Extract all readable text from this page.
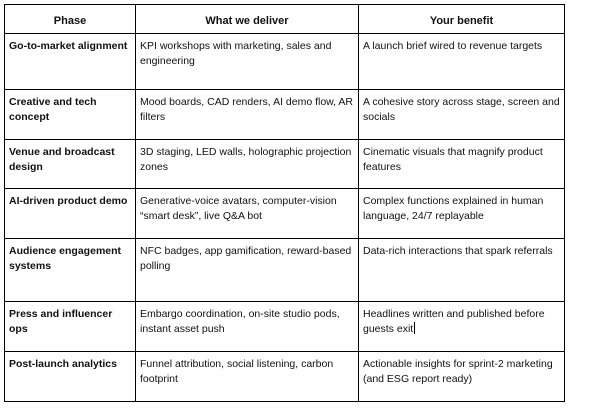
Phase	What we deliver	Your benefit
Go-to-market alignment	KPI workshops with marketing, sales and engineering	A launch brief wired to revenue targets
Creative and tech concept	Mood boards, CAD renders, AI demo flow, AR filters	A cohesive story across stage, screen and socials
Venue and broadcast design	3D staging, LED walls, holographic projection zones	Cinematic visuals that magnify product features
AI-driven product demo	Generative-voice avatars, computer-vision “smart desk”, live Q&A bot	Complex functions explained in human language, 24/7 replayable
Audience engagement systems	NFC badges, app gamification, reward-based polling	Data-rich interactions that spark referrals
Press and influencer ops	Embargo coordination, on-site studio pods, instant asset push	Headlines written and published before guests exit
Post-launch analytics	Funnel attribution, social listening, carbon footprint	Actionable insights for sprint-2 marketing (and ESG report ready)
